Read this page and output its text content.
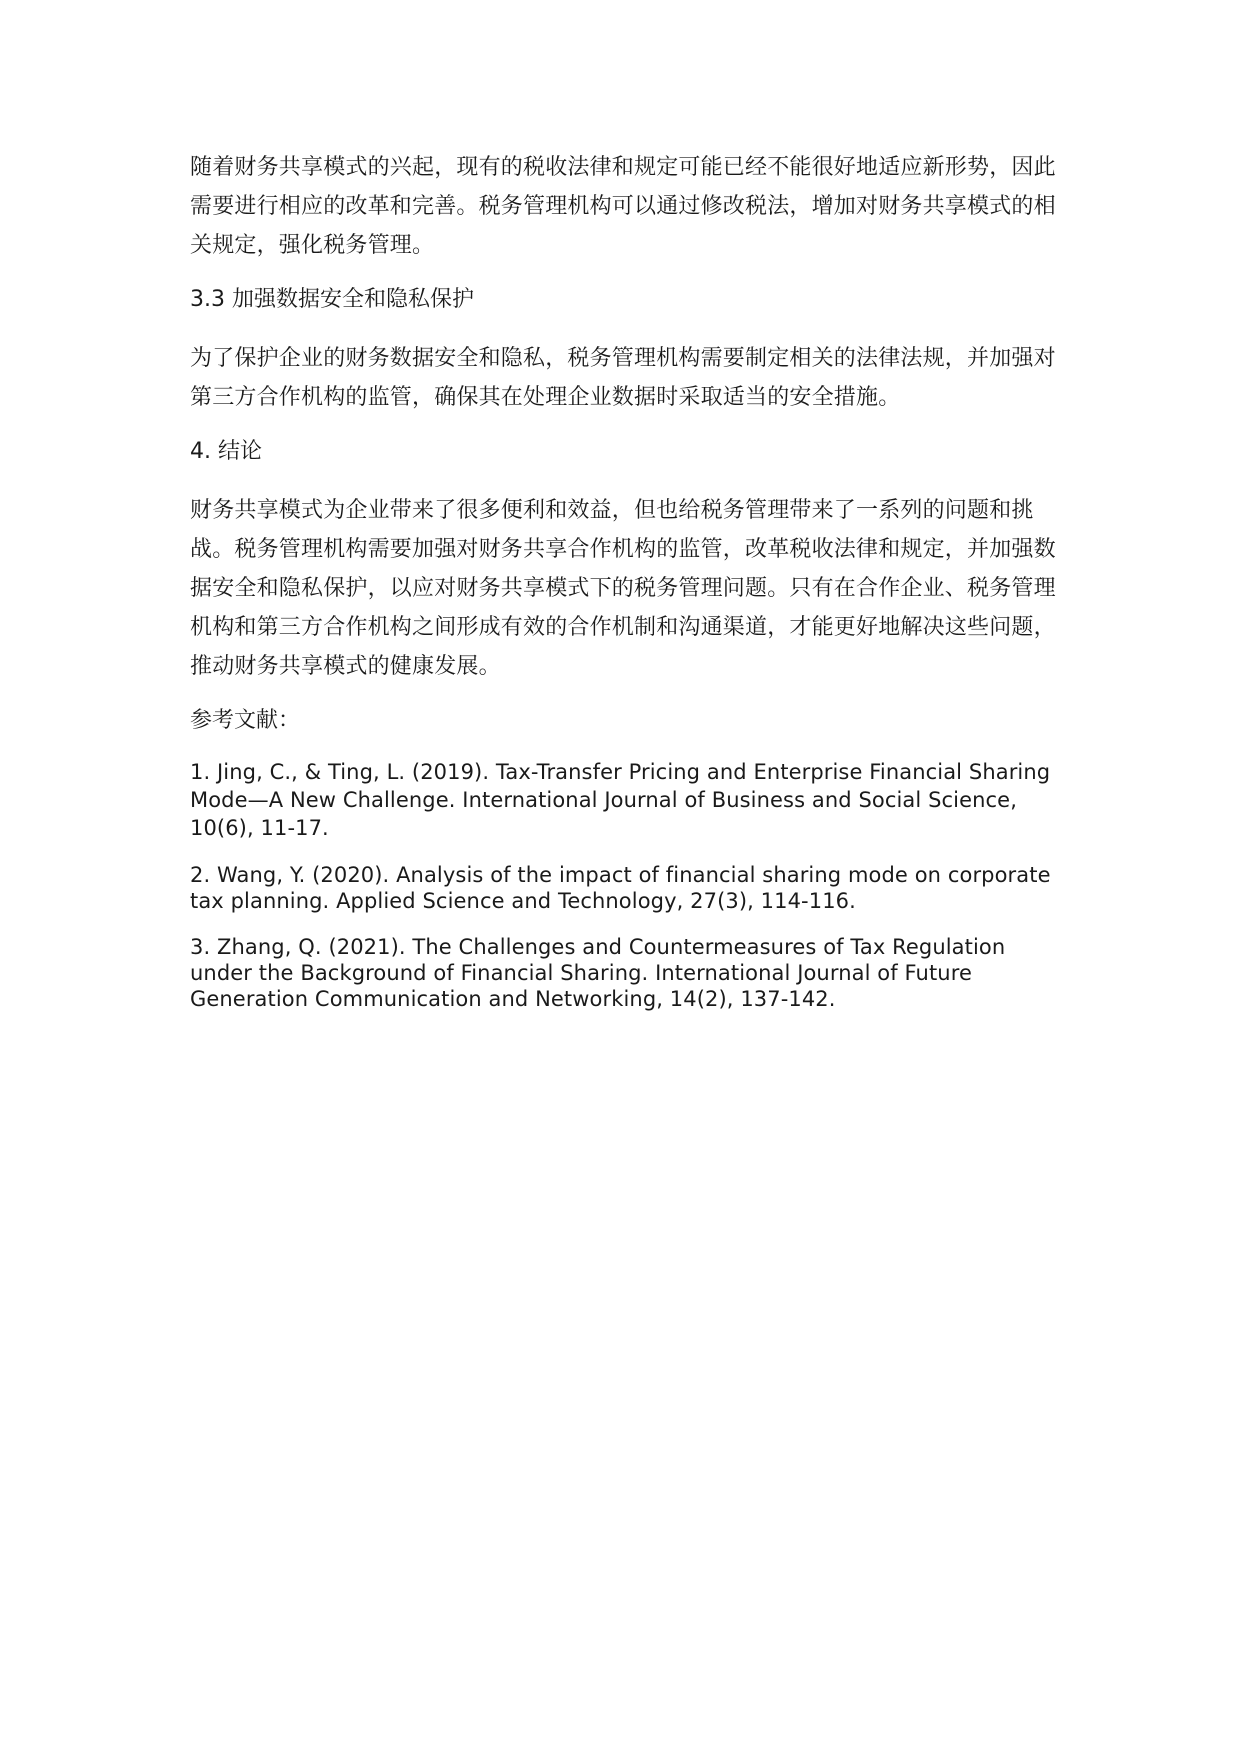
随着财务共享模式的兴起，现有的税收法律和规定可能已经不能很好地适应新形势，因此需要进行相应的改革和完善。税务管理机构可以通过修改税法，增加对财务共享模式的相关规定，强化税务管理。

3.3 加强数据安全和隐私保护

为了保护企业的财务数据安全和隐私，税务管理机构需要制定相关的法律法规，并加强对第三方合作机构的监管，确保其在处理企业数据时采取适当的安全措施。

4. 结论

财务共享模式为企业带来了很多便利和效益，但也给税务管理带来了一系列的问题和挑战。税务管理机构需要加强对财务共享合作机构的监管，改革税收法律和规定，并加强数据安全和隐私保护，以应对财务共享模式下的税务管理问题。只有在合作企业、税务管理机构和第三方合作机构之间形成有效的合作机制和沟通渠道，才能更好地解决这些问题，推动财务共享模式的健康发展。

参考文献：

1. Jing, C., & Ting, L. (2019). Tax-Transfer Pricing and Enterprise Financial Sharing Mode—A New Challenge. International Journal of Business and Social Science, 10(6), 11-17.

2. Wang, Y. (2020). Analysis of the impact of financial sharing mode on corporate tax planning. Applied Science and Technology, 27(3), 114-116.

3. Zhang, Q. (2021). The Challenges and Countermeasures of Tax Regulation under the Background of Financial Sharing. International Journal of Future Generation Communication and Networking, 14(2), 137-142.
